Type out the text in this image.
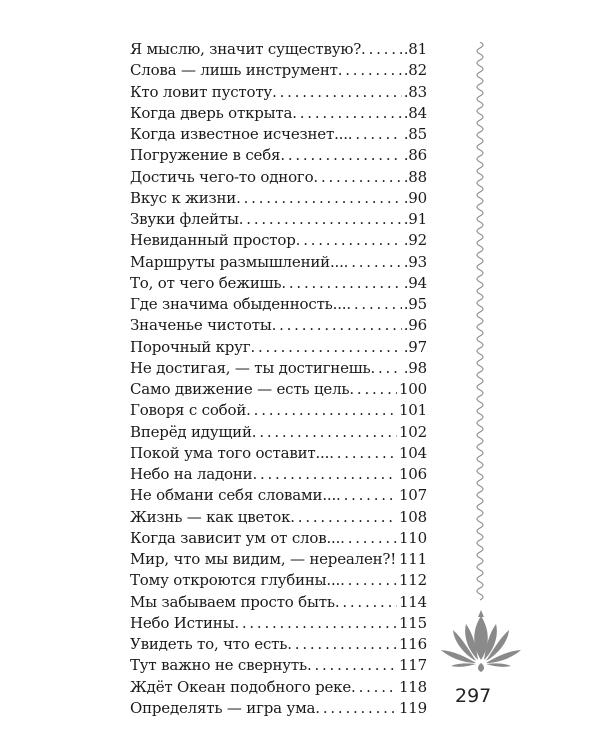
Я мыслю, значит существую? . . .	.81
Слова — лишь инструмент . . .	.82
Кто ловит пустоту . . .	.83
Когда дверь открыта . . .	.84
Когда известное исчезнет... . . .	.85
Погружение в себя . . .	.86
Достичь чего-то одного . . .	.88
Вкус к жизни . . .	.90
Звуки флейты . . .	.91
Невиданный простор . . .	.92
Маршруты размышлений... . . .	.93
То, от чего бежишь . . .	.94
Где значима обыденность... . . .	.95
Значенье чистоты . . .	.96
Порочный круг . . .	.97
Не достигая, — ты достигнешь . . . .98
Само движение — есть цель . . .	100
Говоря с собой . . .	101
Вперёд идущий . . .	102
Покой ума того оставит... . . .	104
Небо на ладони . . .	106
Не обмани себя словами... . . .	107
Жизнь — как цветок . . .	108
Когда зависит ум от слов... . . .	110
Мир, что мы видим, — нереален?! . . . 111
Тому откроются глубины... . . .	112
Мы забываем просто быть . . .	114
Небо Истины . . .	115
Увидеть то, что есть . . .	116
Тут важно не свернуть . . .	117
Ждёт Океан подобного реке . . .	118
Определять — игра ума . . .	119
297
